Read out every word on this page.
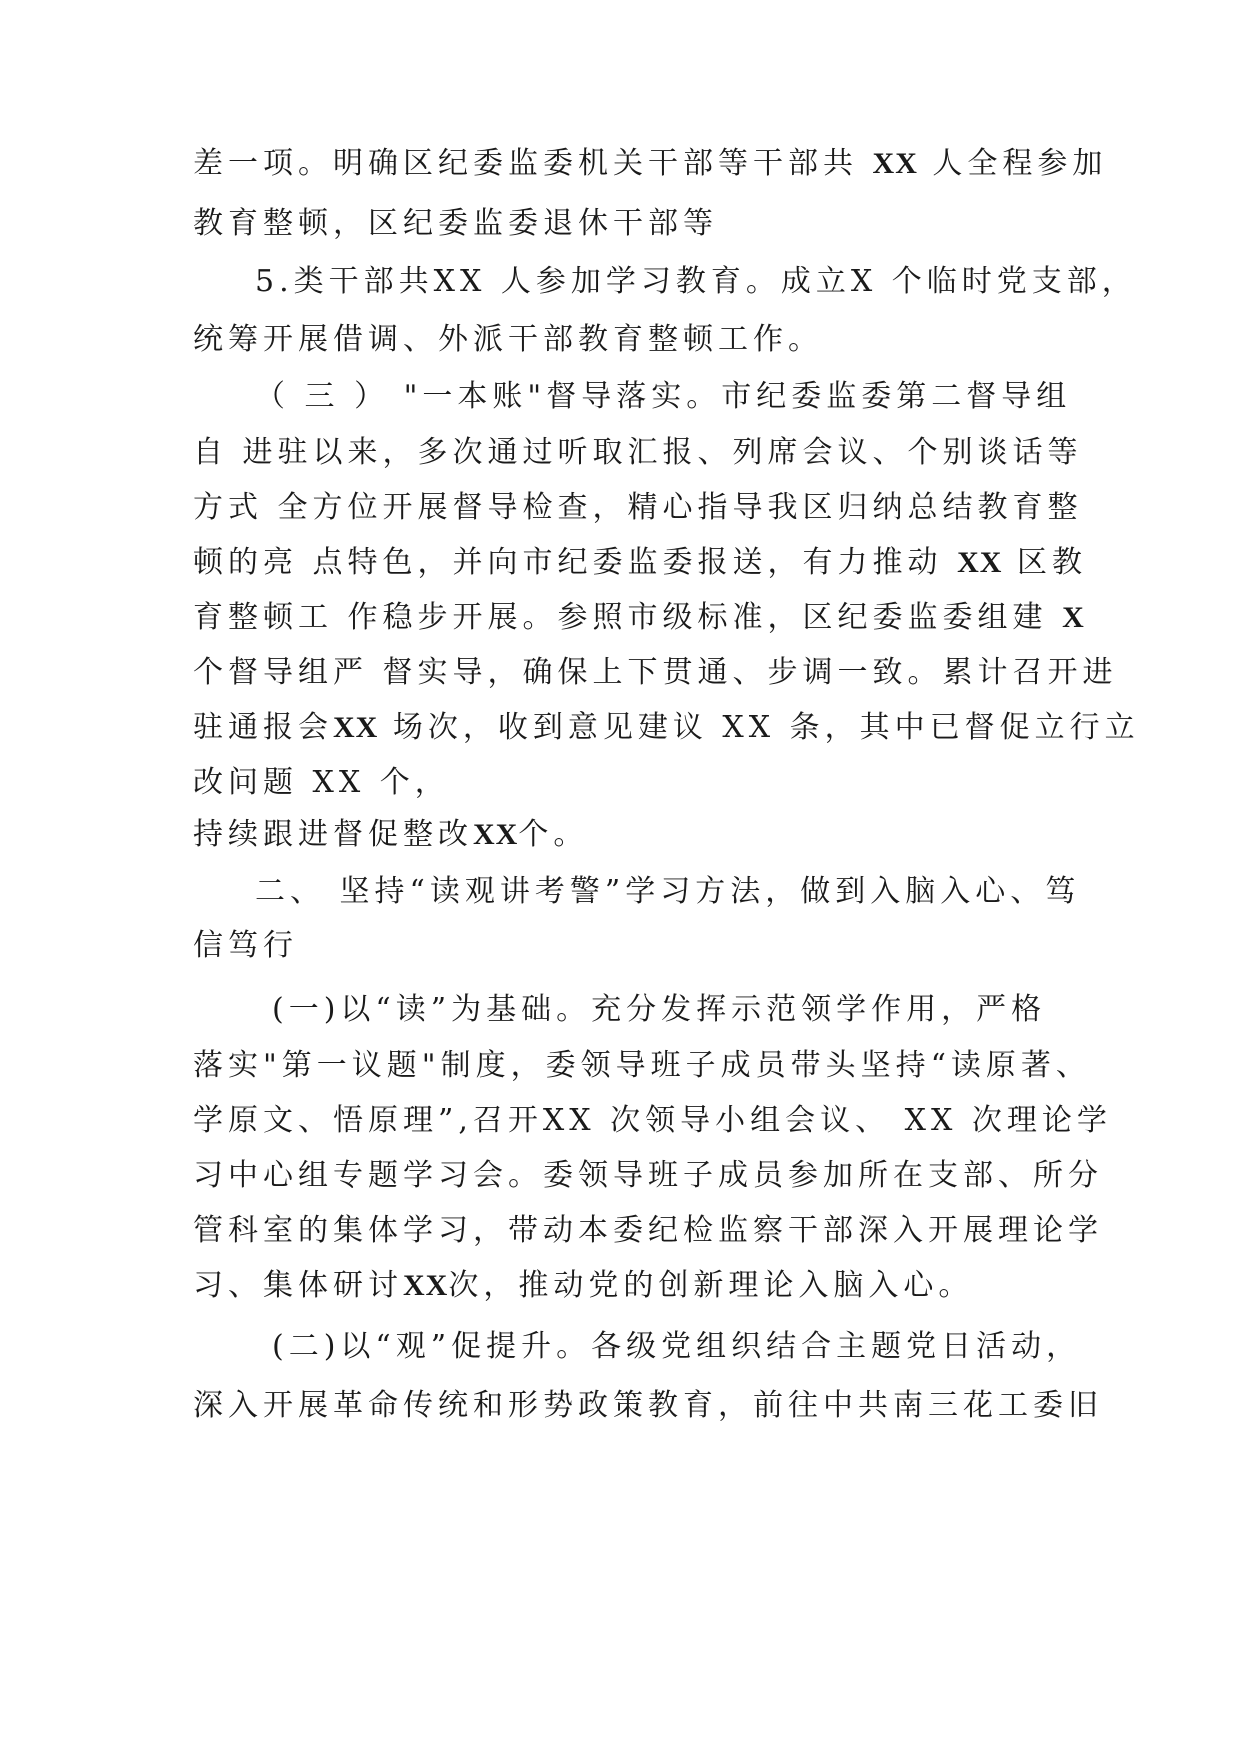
差一项。明确区纪委监委机关干部等干部共 XX 人全程参加
教育整顿，区纪委监委退休干部等
5.类干部共XX 人参加学习教育。成立X 个临时党支部，
统筹开展借调、外派干部教育整顿工作。
（ 三 ） "一本账"督导落实。市纪委监委第二督导组
自 进驻以来，多次通过听取汇报、列席会议、个别谈话等
方式 全方位开展督导检查，精心指导我区归纳总结教育整
顿的亮 点特色，并向市纪委监委报送，有力推动 XX 区教
育整顿工 作稳步开展。参照市级标准，区纪委监委组建 X
个督导组严 督实导，确保上下贯通、步调一致。累计召开进
驻通报会XX 场次，收到意见建议 XX 条，其中已督促立行立
改问题 XX 个，
持续跟进督促整改XX个。
二、 坚持“读观讲考警”学习方法，做到入脑入心、笃
信笃行
(一)以“读”为基础。充分发挥示范领学作用，严格
落实"第一议题"制度，委领导班子成员带头坚持“读原著、
学原文、悟原理”,召开XX 次领导小组会议、 XX 次理论学
习中心组专题学习会。委领导班子成员参加所在支部、所分
管科室的集体学习，带动本委纪检监察干部深入开展理论学
习、集体研讨XX次，推动党的创新理论入脑入心。
(二)以“观”促提升。各级党组织结合主题党日活动，
深入开展革命传统和形势政策教育，前往中共南三花工委旧
